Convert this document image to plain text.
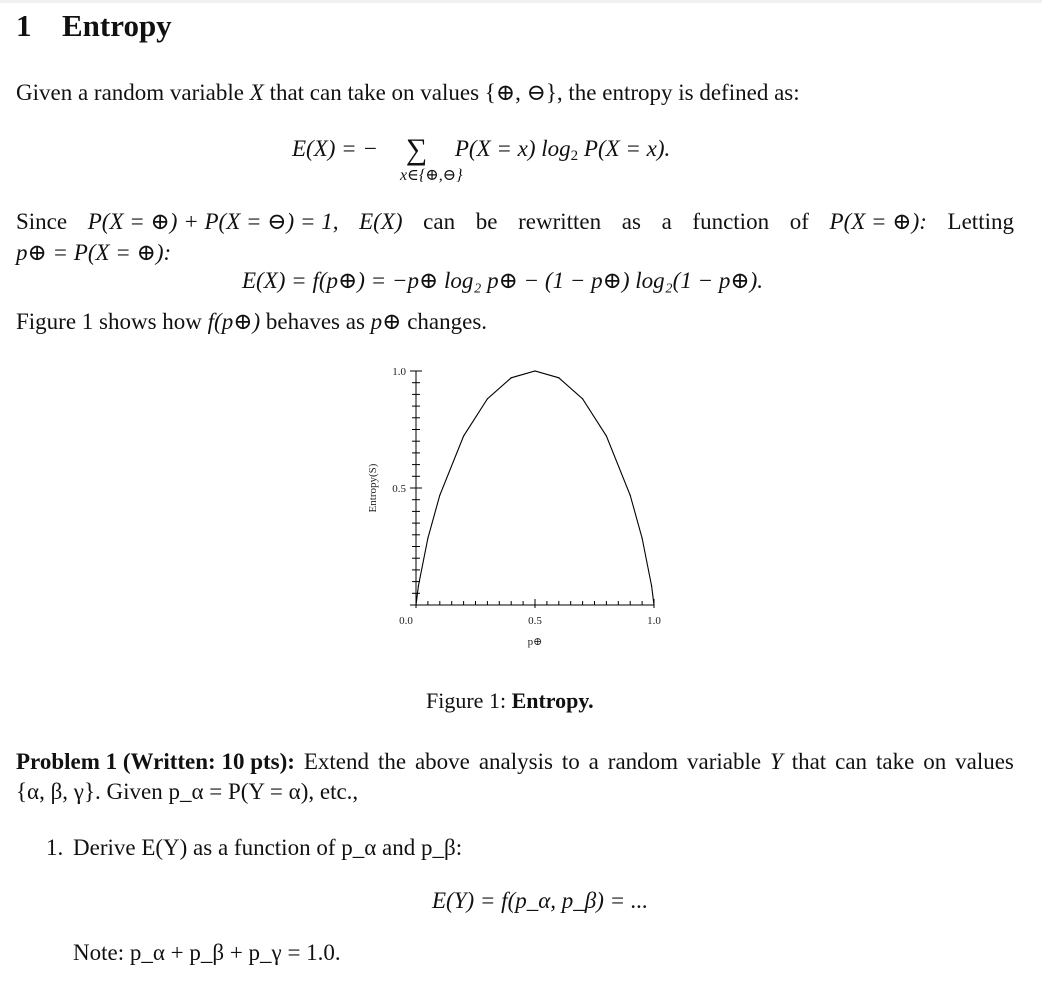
1 Entropy
Given a random variable X that can take on values {⊕, ⊖}, the entropy is defined as:
E(X) = − ∑ P(X = x) $\log_2 P(X = x)$.
x∈{⊕,⊖}
Since P(X = ⊕) + P(X = ⊖) = 1, E(X) can be rewritten as a function of P(X = ⊕): Letting
p⊕ = P(X = ⊕):
E(X) = f(p⊕) = −p⊕ log₂ p⊕ − (1 − p⊕) log₂(1 − p⊕).
Figure 1 shows how f(p⊕) behaves as p⊕ changes.
0.0	0.5	1.0
1.0
0.5
p⊕
Entropy(S)
Figure 1: Entropy.
Problem 1 (Written: 10 pts): Extend the above analysis to a random variable Y that can take on values
{α, β, γ}. Given p_α = P(Y = α), etc.,
1. Derive E(Y) as a function of p_α and p_β:
E(Y) = f(p_α, p_β) = ...
Note: p_α + p_β + p_γ = 1.0.
